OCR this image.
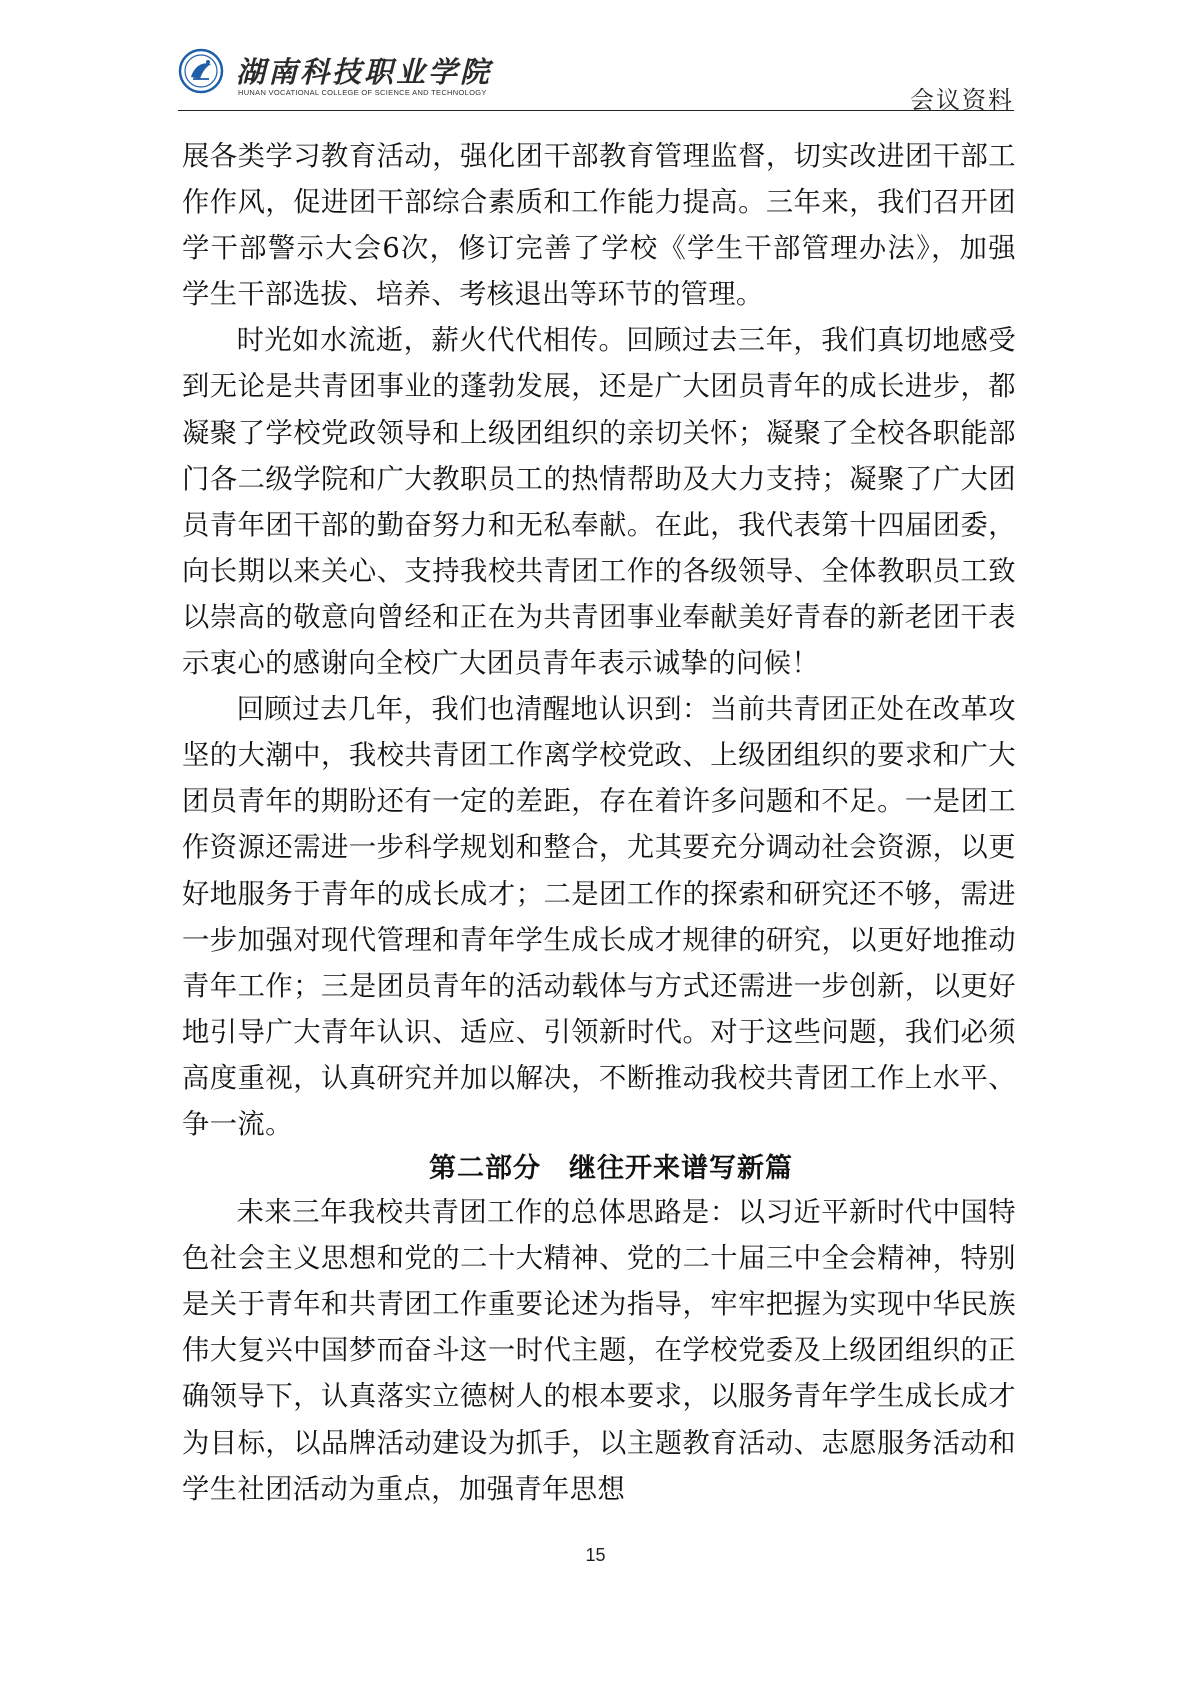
湖南科技职业学院
HUNAN VOCATIONAL COLLEGE OF SCIENCE AND TECHNOLOGY	会议资料

展各类学习教育活动，强化团干部教育管理监督，切实改进团干部工作作风，促进团干部综合素质和工作能力提高。三年来，我们召开团学干部警示大会6次，修订完善了学校《学生干部管理办法》，加强学生干部选拔、培养、考核退出等环节的管理。

时光如水流逝，薪火代代相传。回顾过去三年，我们真切地感受到无论是共青团事业的蓬勃发展，还是广大团员青年的成长进步，都凝聚了学校党政领导和上级团组织的亲切关怀；凝聚了全校各职能部门各二级学院和广大教职员工的热情帮助及大力支持；凝聚了广大团员青年团干部的勤奋努力和无私奉献。在此，我代表第十四届团委，向长期以来关心、支持我校共青团工作的各级领导、全体教职员工致以崇高的敬意向曾经和正在为共青团事业奉献美好青春的新老团干表示衷心的感谢向全校广大团员青年表示诚挚的问候！

回顾过去几年，我们也清醒地认识到：当前共青团正处在改革攻坚的大潮中，我校共青团工作离学校党政、上级团组织的要求和广大团员青年的期盼还有一定的差距，存在着许多问题和不足。一是团工作资源还需进一步科学规划和整合，尤其要充分调动社会资源，以更好地服务于青年的成长成才；二是团工作的探索和研究还不够，需进一步加强对现代管理和青年学生成长成才规律的研究，以更好地推动青年工作；三是团员青年的活动载体与方式还需进一步创新，以更好地引导广大青年认识、适应、引领新时代。对于这些问题，我们必须高度重视，认真研究并加以解决，不断推动我校共青团工作上水平、争一流。

第二部分　继往开来谱写新篇

未来三年我校共青团工作的总体思路是：以习近平新时代中国特色社会主义思想和党的二十大精神、党的二十届三中全会精神，特别是关于青年和共青团工作重要论述为指导，牢牢把握为实现中华民族伟大复兴中国梦而奋斗这一时代主题，在学校党委及上级团组织的正确领导下，认真落实立德树人的根本要求，以服务青年学生成长成才为目标，以品牌活动建设为抓手，以主题教育活动、志愿服务活动和学生社团活动为重点，加强青年思想

15
